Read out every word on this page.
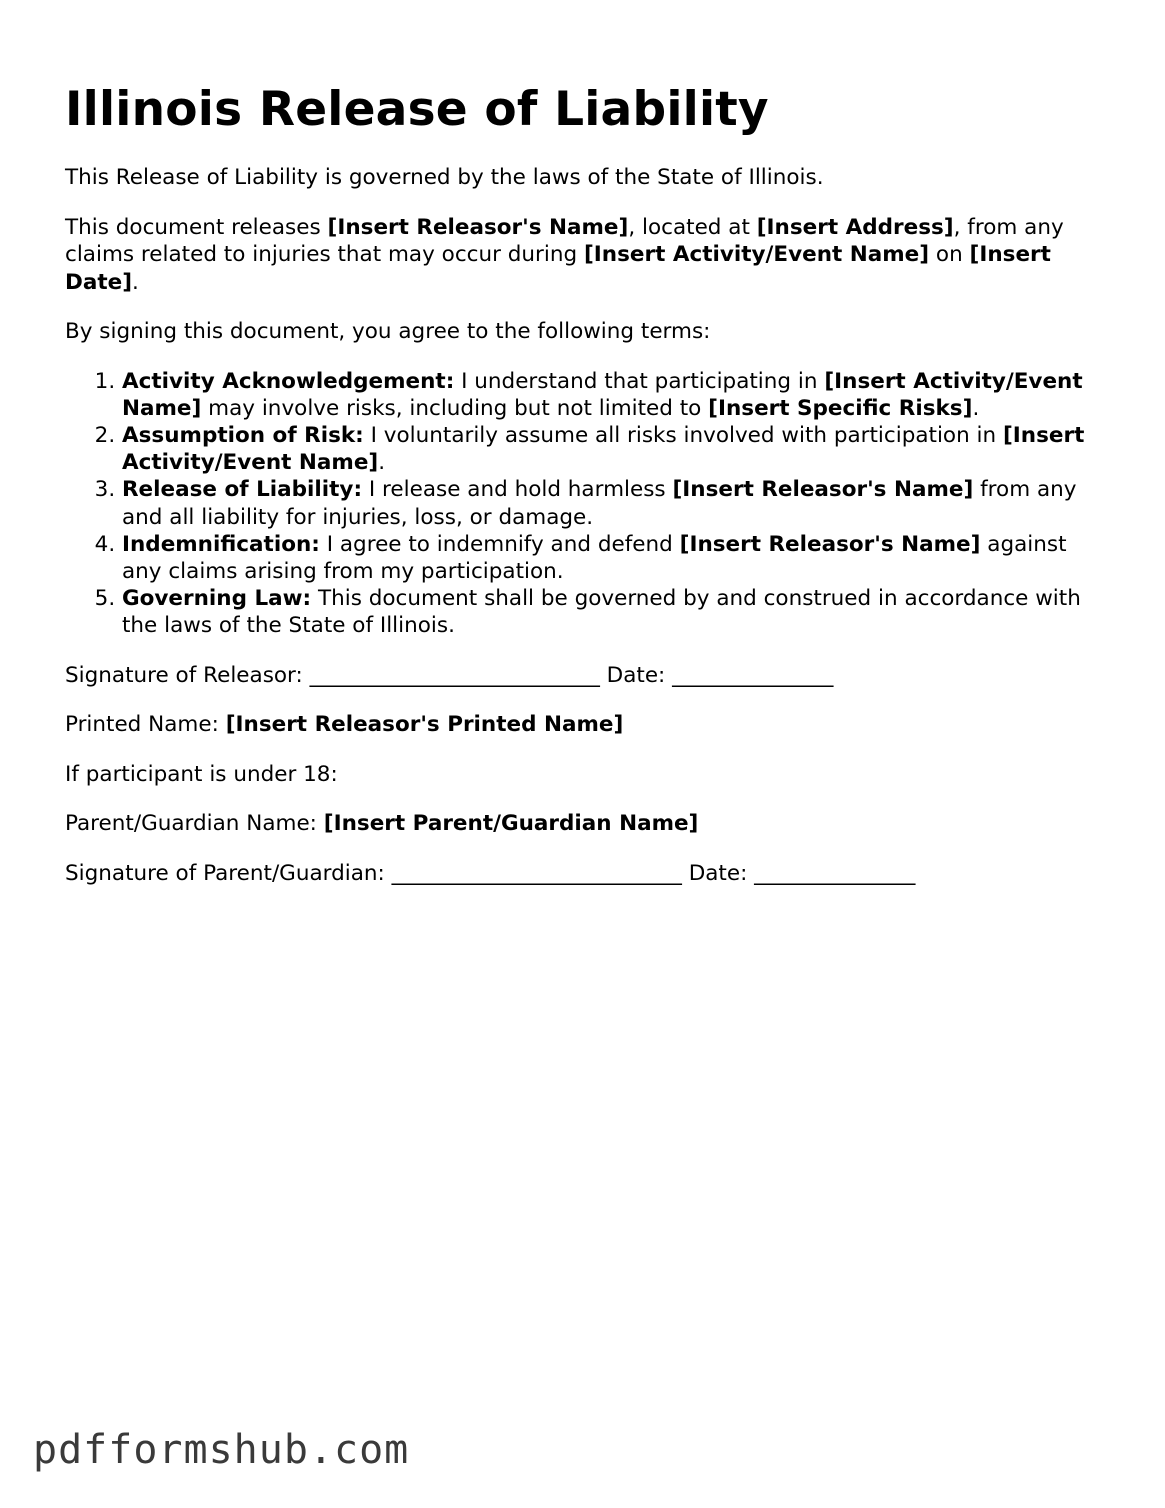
Illinois Release of Liability

This Release of Liability is governed by the laws of the State of Illinois.

This document releases [Insert Releasor's Name], located at [Insert Address], from any claims related to injuries that may occur during [Insert Activity/Event Name] on [Insert Date].

By signing this document, you agree to the following terms:

1. Activity Acknowledgement: I understand that participating in [Insert Activity/Event Name] may involve risks, including but not limited to [Insert Specific Risks].
2. Assumption of Risk: I voluntarily assume all risks involved with participation in [Insert Activity/Event Name].
3. Release of Liability: I release and hold harmless [Insert Releasor's Name] from any and all liability for injuries, loss, or damage.
4. Indemnification: I agree to indemnify and defend [Insert Releasor's Name] against any claims arising from my participation.
5. Governing Law: This document shall be governed by and construed in accordance with the laws of the State of Illinois.

Signature of Releasor: ___________________________ Date: _______________

Printed Name: [Insert Releasor's Printed Name]

If participant is under 18:

Parent/Guardian Name: [Insert Parent/Guardian Name]

Signature of Parent/Guardian: ___________________________ Date: _______________

pdfformshub.com
